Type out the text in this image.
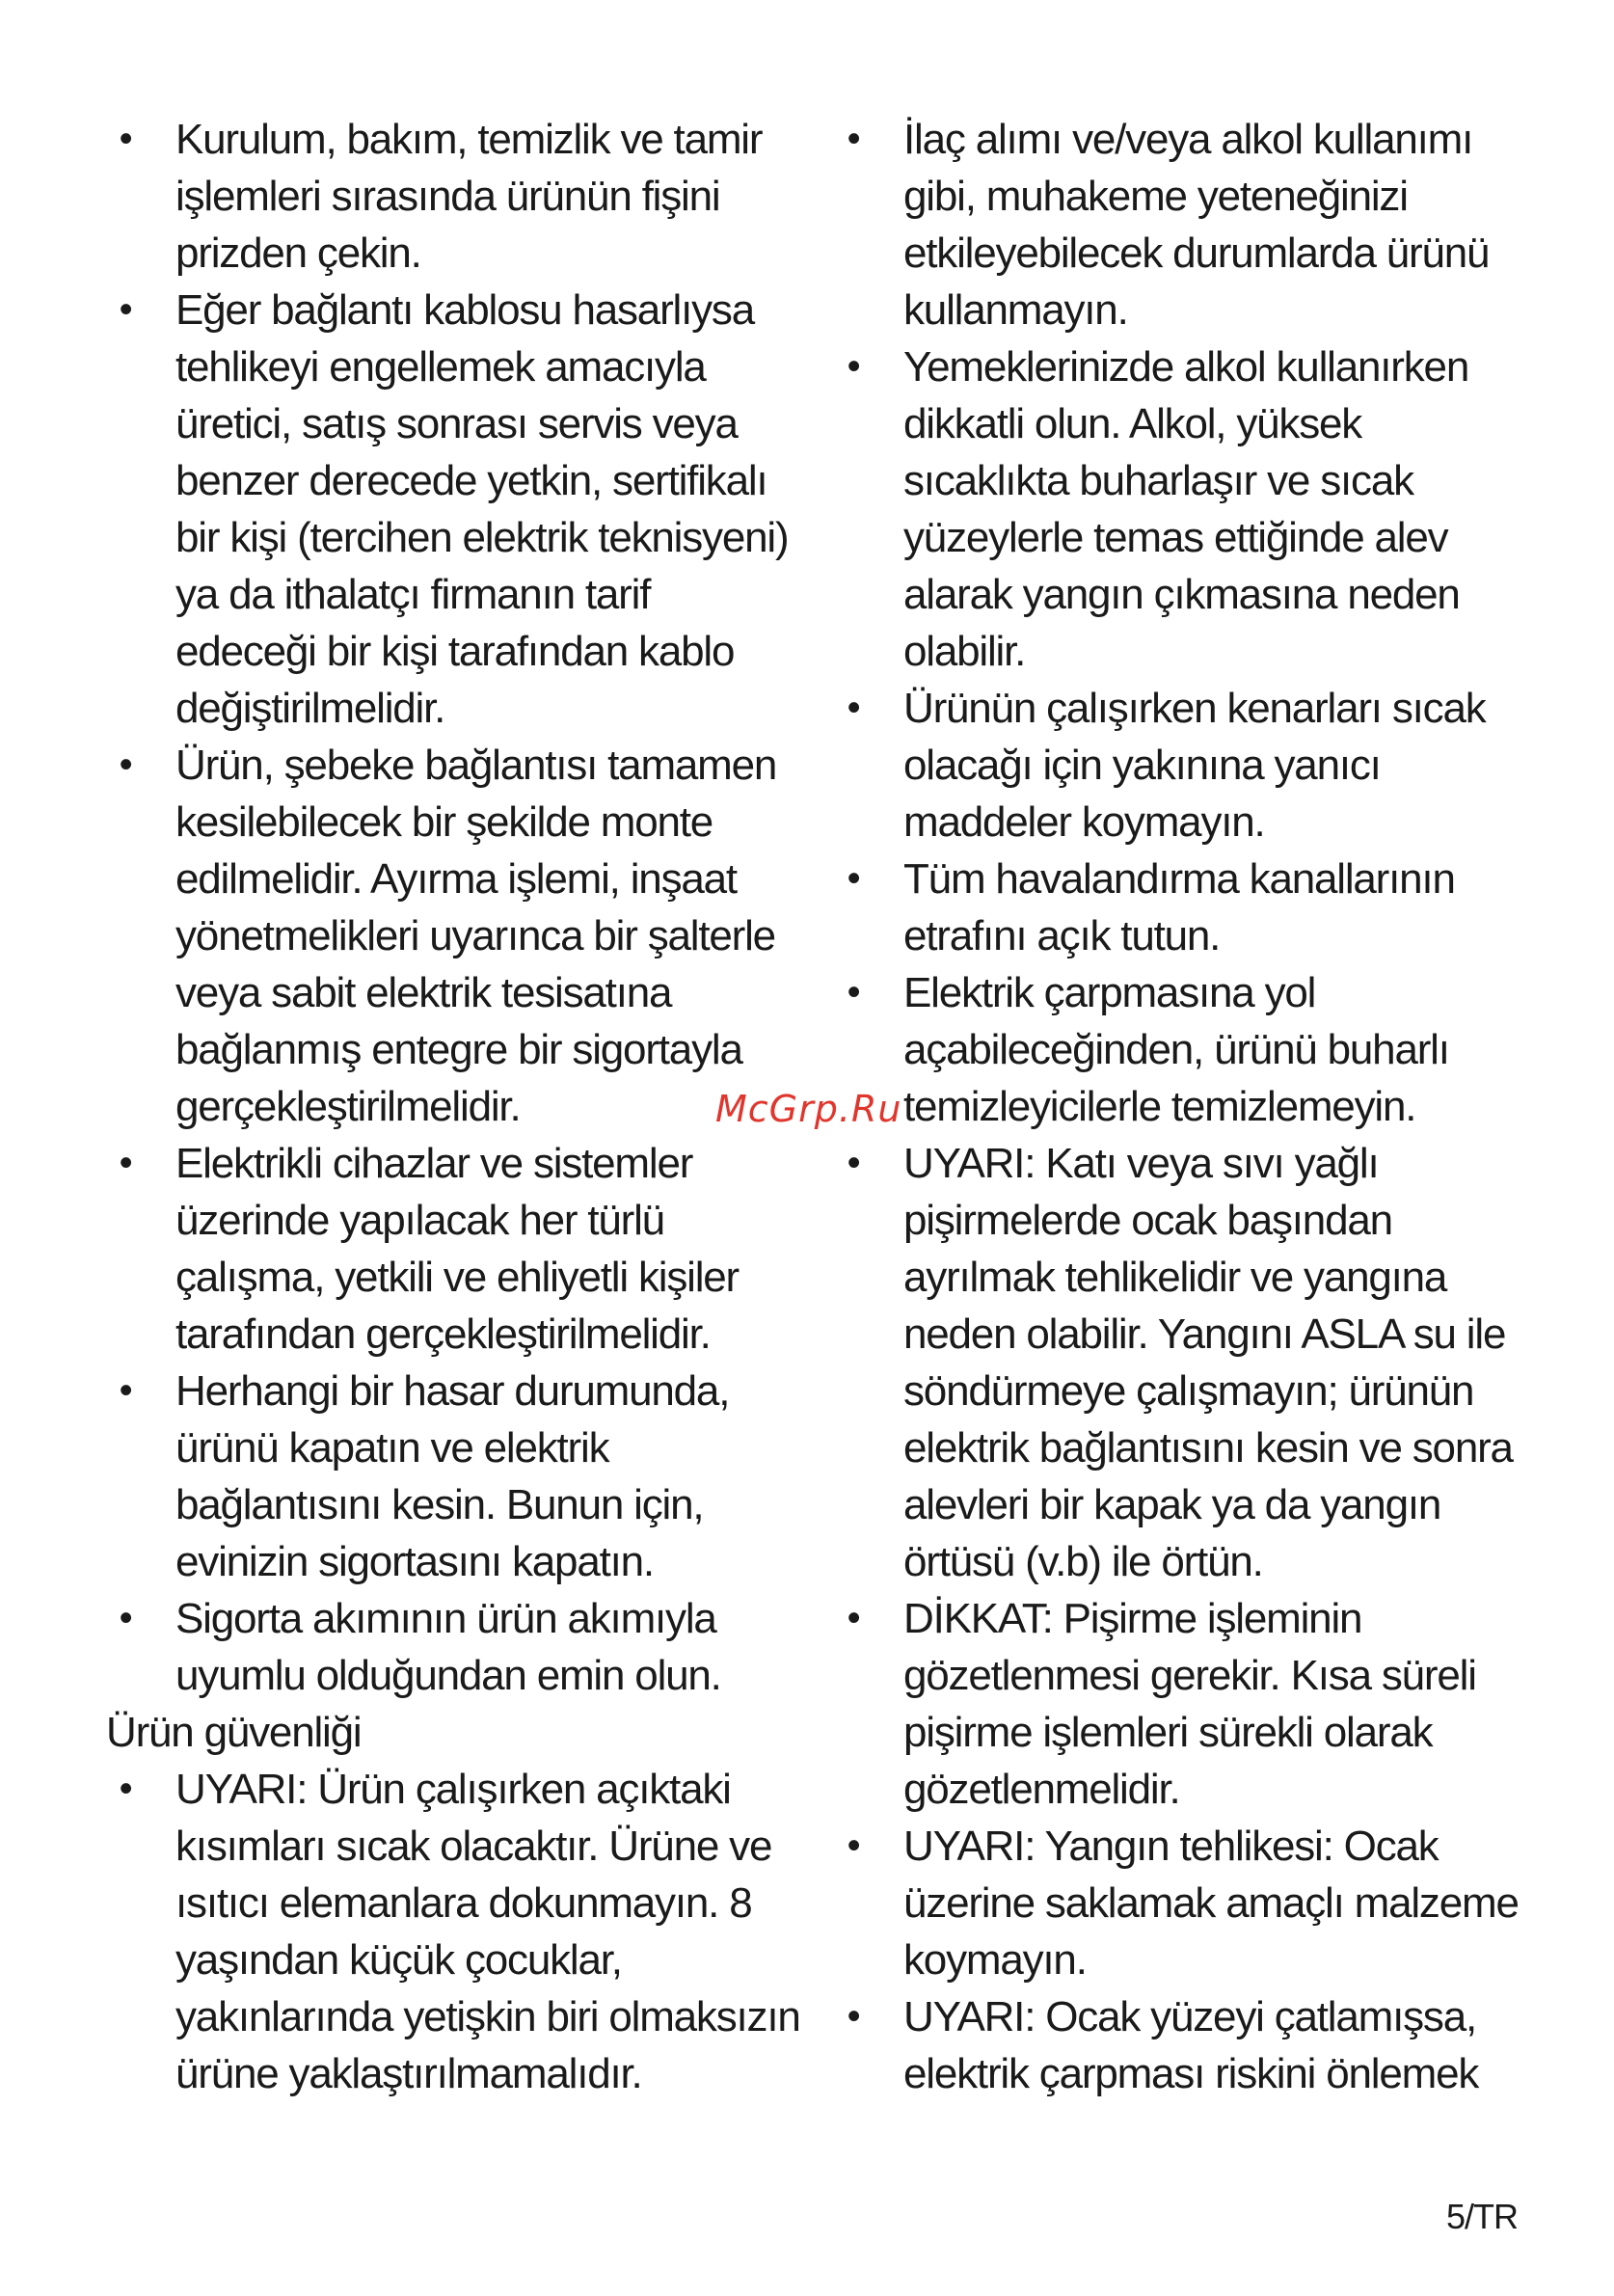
•	Kurulum, bakım, temizlik ve tamir işlemleri sırasında ürünün fişini prizden çekin.
•	Eğer bağlantı kablosu hasarlıysa tehlikeyi engellemek amacıyla üretici, satış sonrası servis veya benzer derecede yetkin, sertifikalı bir kişi (tercihen elektrik teknisyeni) ya da ithalatçı firmanın tarif edeceği bir kişi tarafından kablo değiştirilmelidir.
•	Ürün, şebeke bağlantısı tamamen kesilebilecek bir şekilde monte edilmelidir. Ayırma işlemi, inşaat yönetmelikleri uyarınca bir şalterle veya sabit elektrik tesisatına bağlanmış entegre bir sigortayla gerçekleştirilmelidir.
•	Elektrikli cihazlar ve sistemler üzerinde yapılacak her türlü çalışma, yetkili ve ehliyetli kişiler tarafından gerçekleştirilmelidir.
•	Herhangi bir hasar durumunda, ürünü kapatın ve elektrik bağlantısını kesin. Bunun için, evinizin sigortasını kapatın.
•	Sigorta akımının ürün akımıyla uyumlu olduğundan emin olun.

Ürün güvenliği

•	UYARI: Ürün çalışırken açıktaki kısımları sıcak olacaktır. Ürüne ve ısıtıcı elemanlara dokunmayın. 8 yaşından küçük çocuklar, yakınlarında yetişkin biri olmaksızın ürüne yaklaştırılmamalıdır.
•	İlaç alımı ve/veya alkol kullanımı gibi, muhakeme yeteneğinizi etkileyebilecek durumlarda ürünü kullanmayın.
•	Yemeklerinizde alkol kullanırken dikkatli olun. Alkol, yüksek sıcaklıkta buharlaşır ve sıcak yüzeylerle temas ettiğinde alev alarak yangın çıkmasına neden olabilir.
•	Ürünün çalışırken kenarları sıcak olacağı için yakınına yanıcı maddeler koymayın.
•	Tüm havalandırma kanallarının etrafını açık tutun.
•	Elektrik çarpmasına yol açabileceğinden, ürünü buharlı temizleyicilerle temizlemeyin.
•	UYARI: Katı veya sıvı yağlı pişirmelerde ocak başından ayrılmak tehlikelidir ve yangına neden olabilir. Yangını ASLA su ile söndürmeye çalışmayın; ürünün elektrik bağlantısını kesin ve sonra alevleri bir kapak ya da yangın örtüsü (v.b) ile örtün.
•	DİKKAT: Pişirme işleminin gözetlenmesi gerekir. Kısa süreli pişirme işlemleri sürekli olarak gözetlenmelidir.
•	UYARI: Yangın tehlikesi: Ocak üzerine saklamak amaçlı malzeme koymayın.
•	UYARI: Ocak yüzeyi çatlamışsa, elektrik çarpması riskini önlemek
McGrp.Ru
5/TR
